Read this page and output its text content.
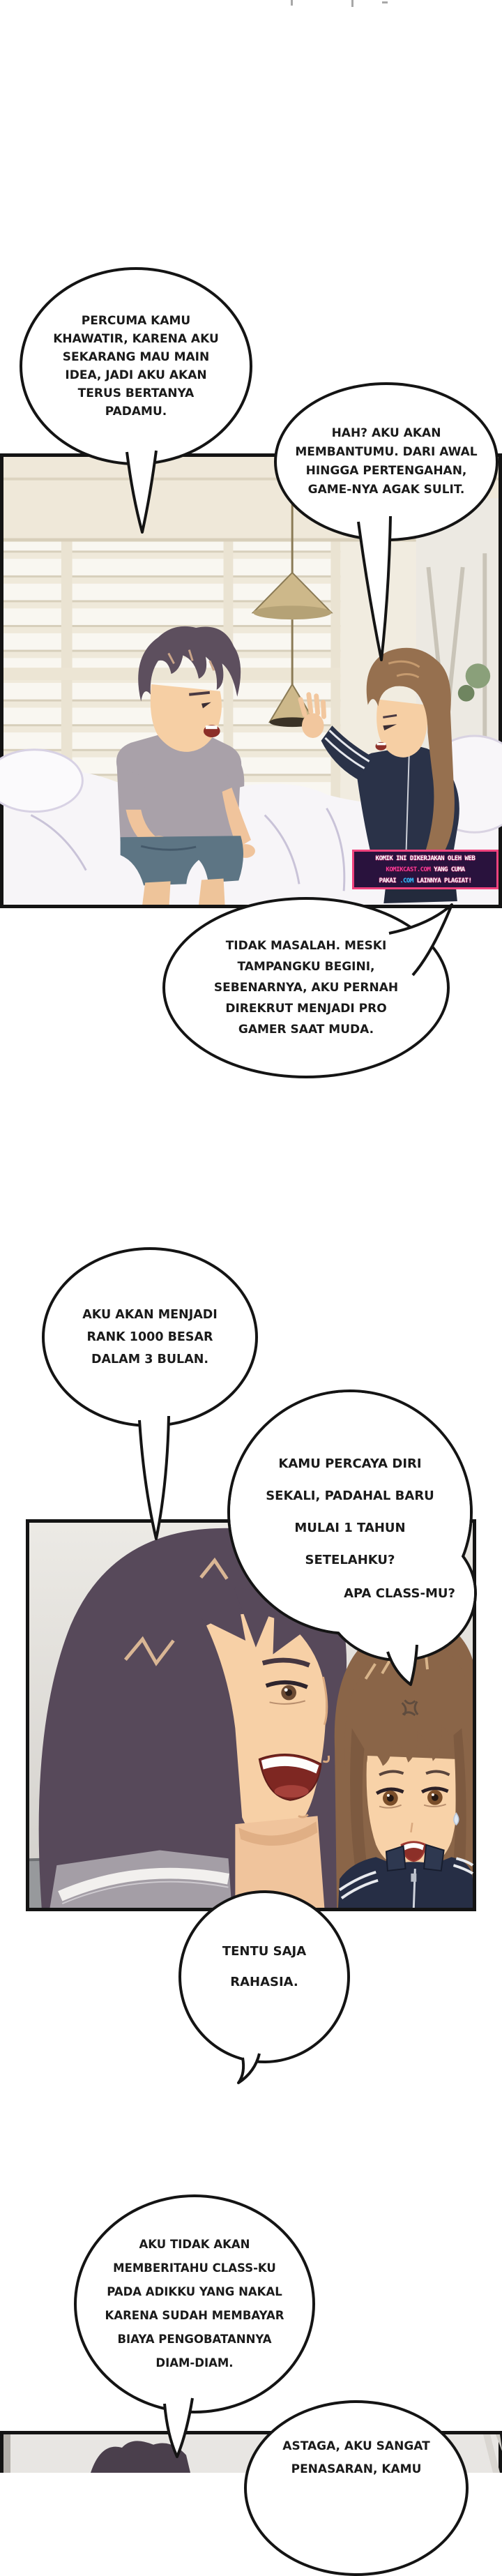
KOMIK INI DIKERJAKAN OLEH WEB
KOMIKCAST.COM YANG CUMA
PAKAI .COM LAINNYA PLAGIAT!
PERCUMA KAMU
KHAWATIR, KARENA AKU
SEKARANG MAU MAIN
IDEA, JADI AKU AKAN
TERUS BERTANYA
PADAMU.
HAH? AKU AKAN
MEMBANTUMU. DARI AWAL
HINGGA PERTENGAHAN,
GAME-NYA AGAK SULIT.
TIDAK MASALAH. MESKI
TAMPANGKU BEGINI,
SEBENARNYA, AKU PERNAH
DIREKRUT MENJADI PRO
GAMER SAAT MUDA.
AKU AKAN MENJADI
RANK 1000 BESAR
DALAM 3 BULAN.
KAMU PERCAYA DIRI
SEKALI, PADAHAL BARU
MULAI 1 TAHUN
SETELAHKU?
APA CLASS-MU?
TENTU SAJA
RAHASIA.
AKU TIDAK AKAN
MEMBERITAHU CLASS-KU
PADA ADIKKU YANG NAKAL
KARENA SUDAH MEMBAYAR
BIAYA PENGOBATANNYA
DIAM-DIAM.
ASTAGA, AKU SANGAT
PENASARAN, KAMU
